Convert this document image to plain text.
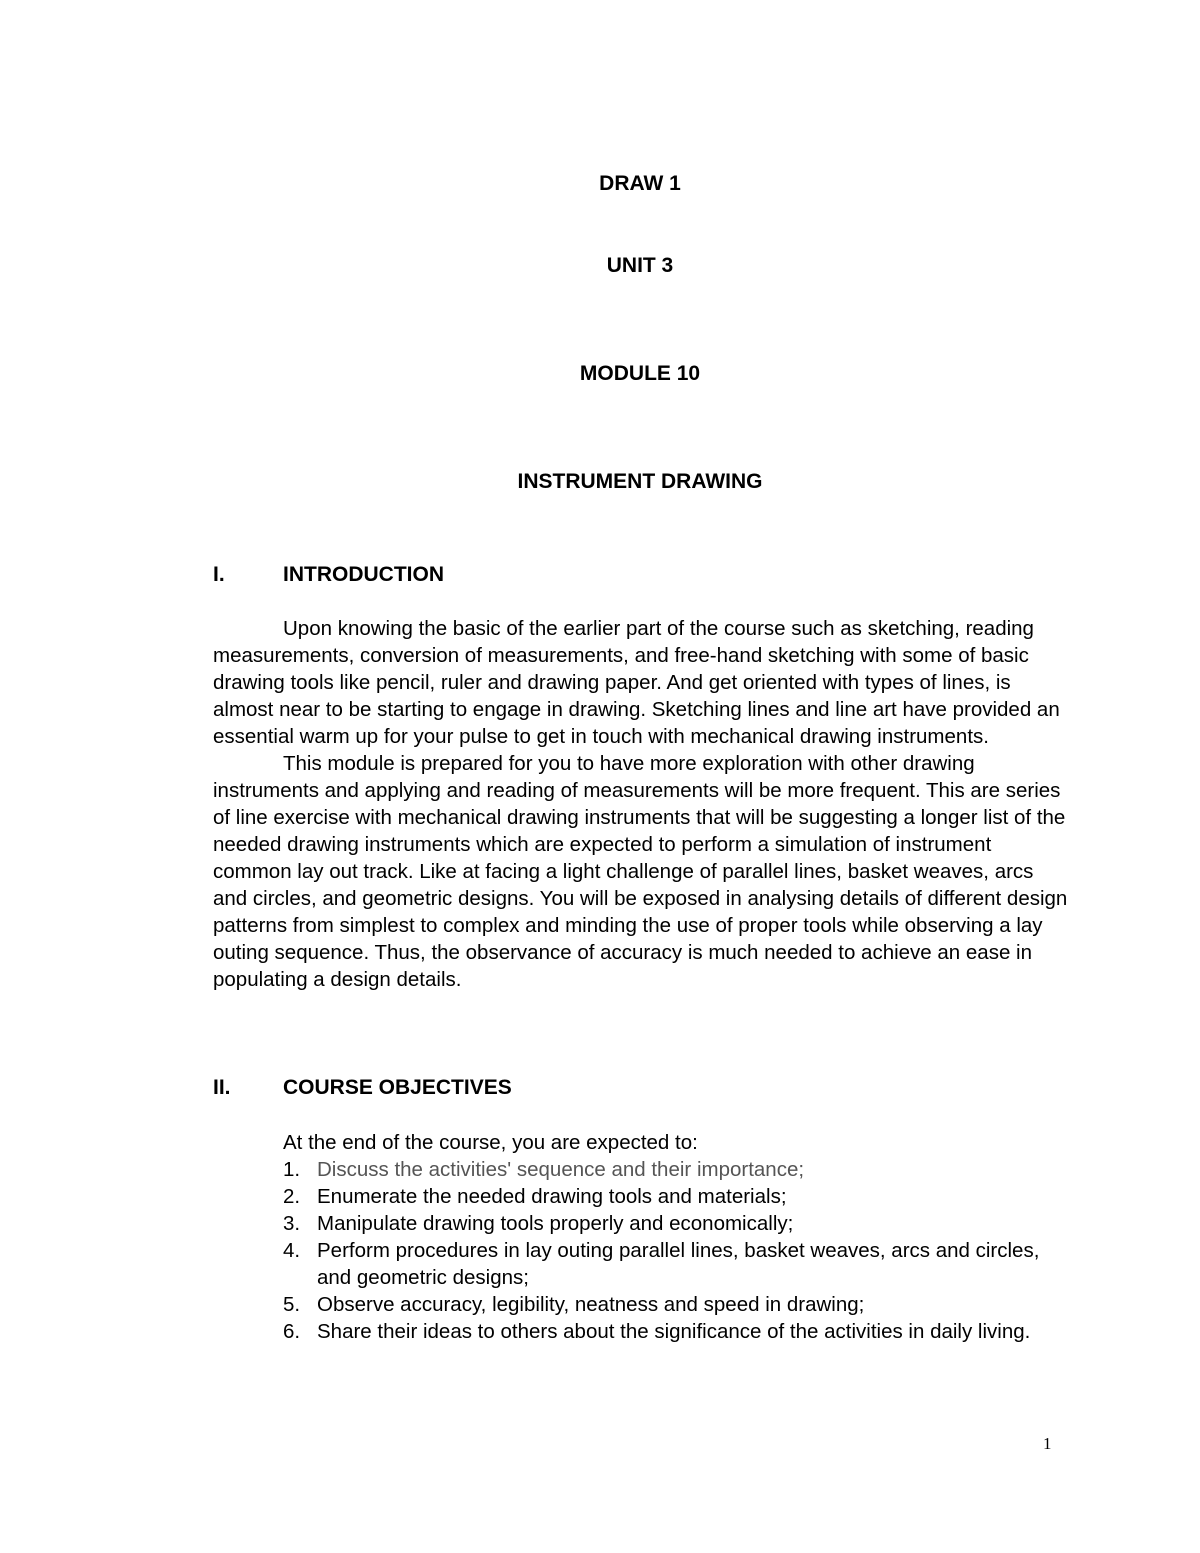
DRAW 1
UNIT 3
MODULE 10
INSTRUMENT DRAWING
I.	INTRODUCTION

Upon knowing the basic of the earlier part of the course such as sketching, reading measurements, conversion of measurements, and free-hand sketching with some of basic drawing tools like pencil, ruler and drawing paper. And get oriented with types of lines, is almost near to be starting to engage in drawing. Sketching lines and line art have provided an essential warm up for your pulse to get in touch with mechanical drawing instruments.

This module is prepared for you to have more exploration with other drawing instruments and applying and reading of measurements will be more frequent. This are series of line exercise with mechanical drawing instruments that will be suggesting a longer list of the needed drawing instruments which are expected to perform a simulation of instrument common lay out track. Like at facing a light challenge of parallel lines, basket weaves, arcs and circles, and geometric designs. You will be exposed in analysing details of different design patterns from simplest to complex and minding the use of proper tools while observing a lay outing sequence. Thus, the observance of accuracy is much needed to achieve an ease in populating a design details.

II. COURSE OBJECTIVES
At the end of the course, you are expected to:
1. Discuss the activities' sequence and their importance;
2. Enumerate the needed drawing tools and materials;
3. Manipulate drawing tools properly and economically;
4. Perform procedures in lay outing parallel lines, basket weaves, arcs and circles, and geometric designs;
5. Observe accuracy, legibility, neatness and speed in drawing;
6. Share their ideas to others about the significance of the activities in daily living.
1
